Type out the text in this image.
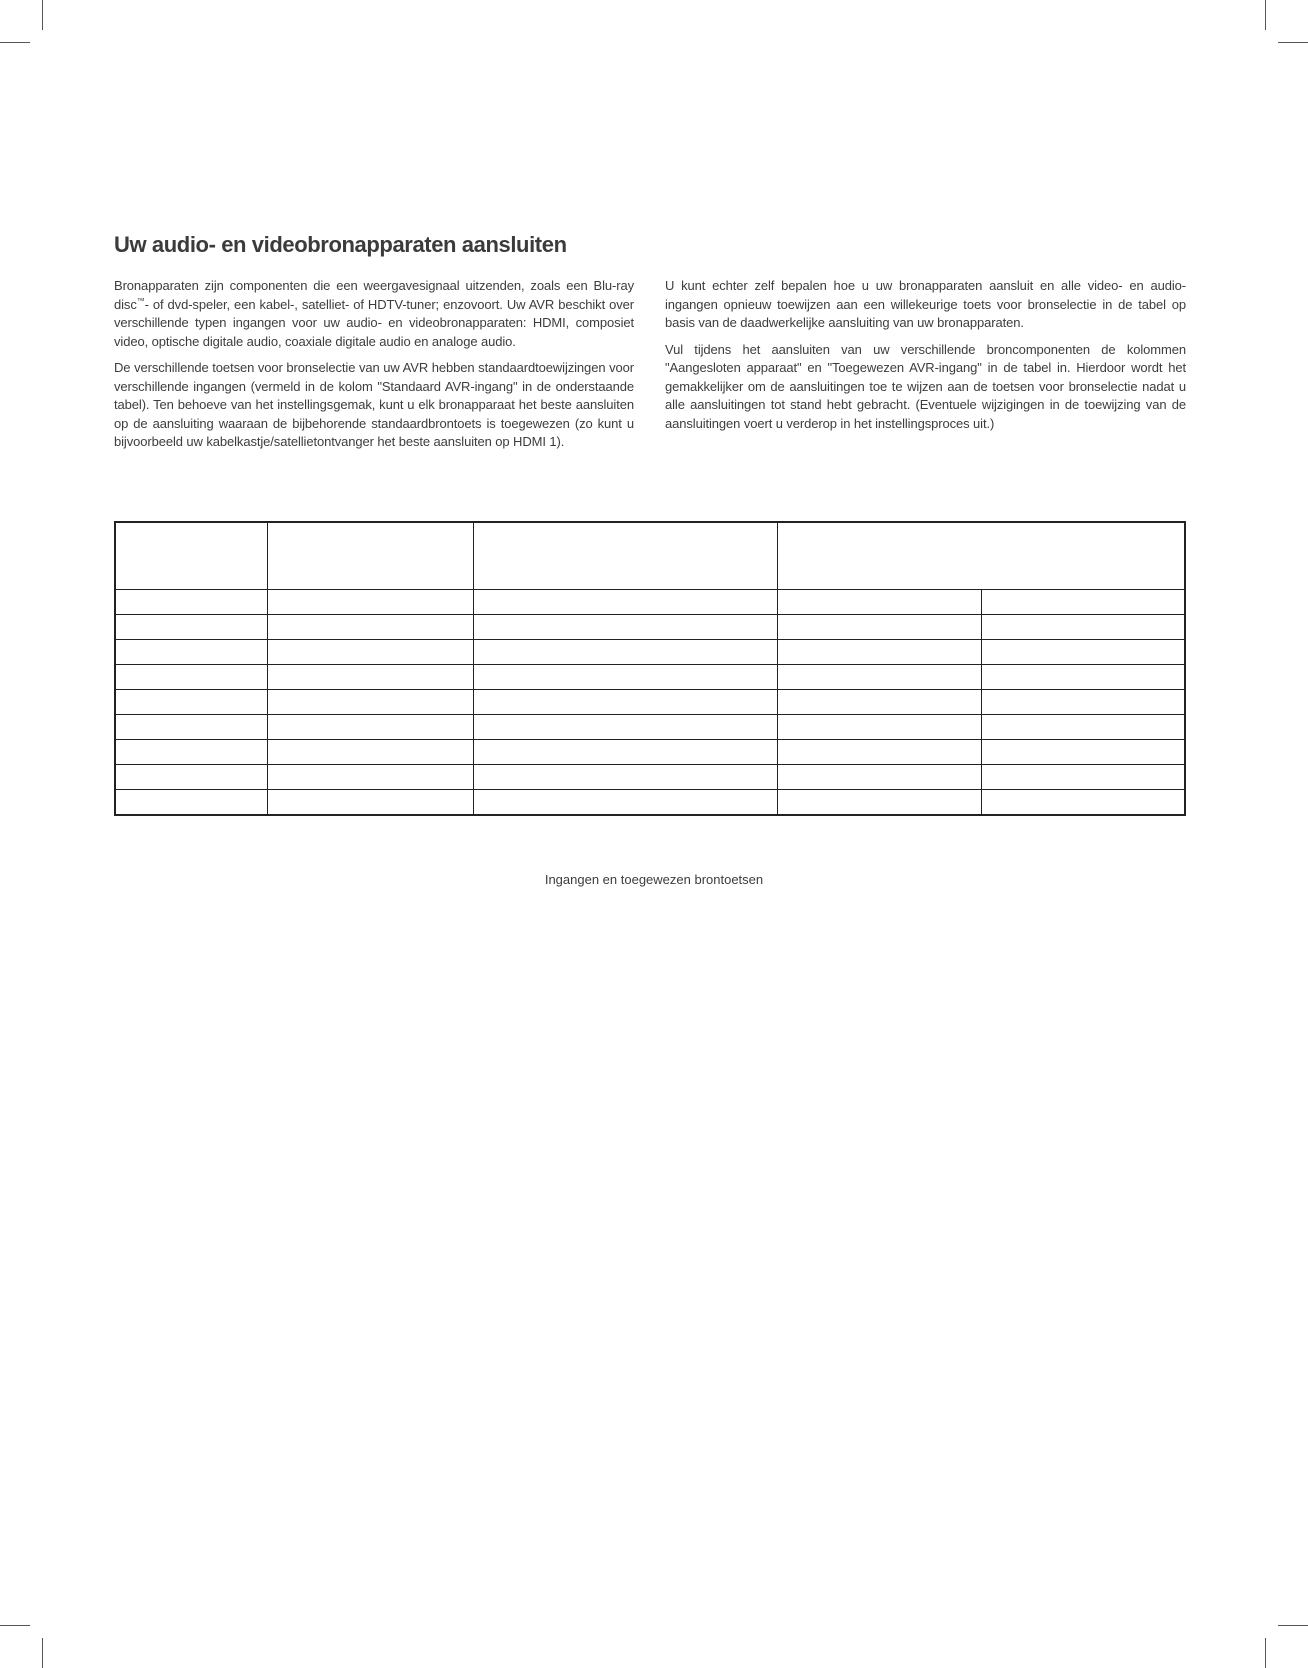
Uw audio- en videobronapparaten aansluiten

Bronapparaten zijn componenten die een weergavesignaal uitzenden, zoals een Blu-ray disc™- of dvd-speler, een kabel-, satelliet- of HDTV-tuner; enzovoort. Uw AVR beschikt over verschillende typen ingangen voor uw audio- en videobronapparaten: HDMI, composiet video, optische digitale audio, coaxiale digitale audio en analoge audio.

De verschillende toetsen voor bronselectie van uw AVR hebben standaardtoewijzingen voor verschillende ingangen (vermeld in de kolom "Standaard AVR-ingang" in de onderstaande tabel). Ten behoeve van het instellingsgemak, kunt u elk bronapparaat het beste aansluiten op de aansluiting waaraan de bijbehorende standaardbrontoets is toegewezen (zo kunt u bijvoorbeeld uw kabelkastje/satellietontvanger het beste aansluiten op HDMI 1).

U kunt echter zelf bepalen hoe u uw bronapparaten aansluit en alle video- en audio-ingangen opnieuw toewijzen aan een willekeurige toets voor bronselectie in de tabel op basis van de daadwerkelijke aansluiting van uw bronapparaten.

Vul tijdens het aansluiten van uw verschillende broncomponenten de kolommen "Aangesloten apparaat" en "Toegewezen AVR-ingang" in de tabel in. Hierdoor wordt het gemakkelijker om de aansluitingen toe te wijzen aan de toetsen voor bronselectie nadat u alle aansluitingen tot stand hebt gebracht. (Eventuele wijzigingen in de toewijzing van de aansluitingen voert u verderop in het instellingsproces uit.)

Ingangen en toegewezen brontoetsen
